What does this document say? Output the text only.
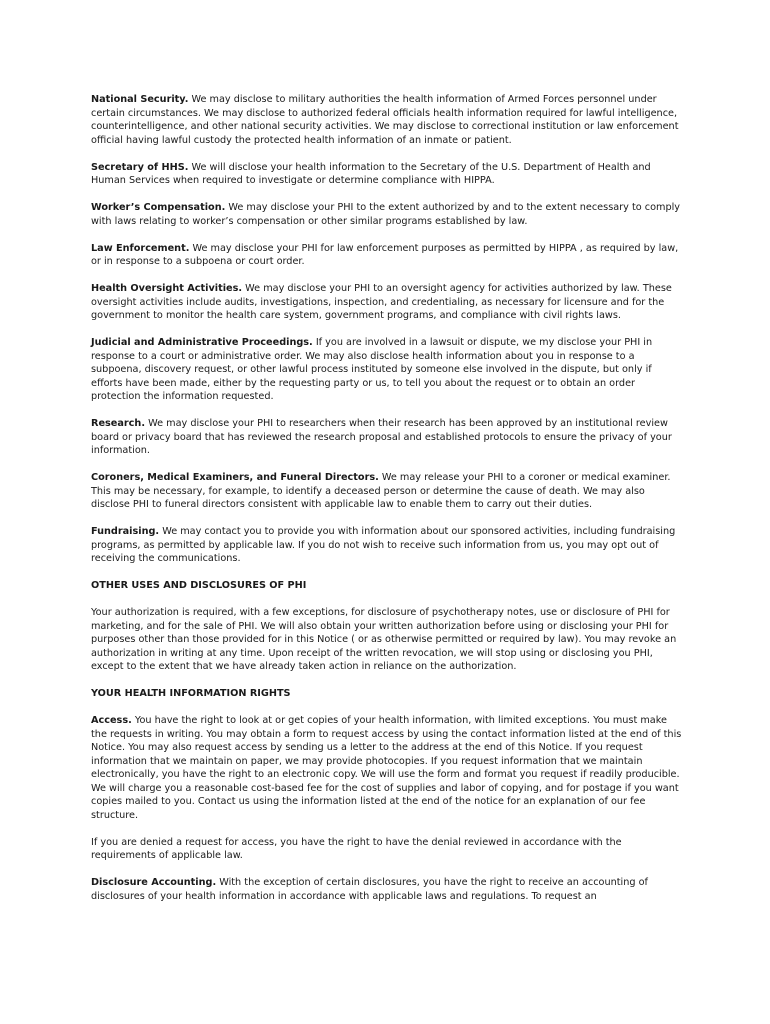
National Security. We may disclose to military authorities the health information of Armed Forces personnel under certain circumstances. We may disclose to authorized federal officials health information required for lawful intelligence, counterintelligence, and other national security activities. We may disclose to correctional institution or law enforcement official having lawful custody the protected health information of an inmate or patient.

Secretary of HHS. We will disclose your health information to the Secretary of the U.S. Department of Health and Human Services when required to investigate or determine compliance with HIPPA.

Worker’s Compensation. We may disclose your PHI to the extent authorized by and to the extent necessary to comply with laws relating to worker’s compensation or other similar programs established by law.

Law Enforcement. We may disclose your PHI for law enforcement purposes as permitted by HIPPA , as required by law, or in response to a subpoena or court order.

Health Oversight Activities. We may disclose your PHI to an oversight agency for activities authorized by law. These oversight activities include audits, investigations, inspection, and credentialing, as necessary for licensure and for the government to monitor the health care system, government programs, and compliance with civil rights laws.

Judicial and Administrative Proceedings. If you are involved in a lawsuit or dispute, we my disclose your PHI in response to a court or administrative order. We may also disclose health information about you in response to a subpoena, discovery request, or other lawful process instituted by someone else involved in the dispute, but only if efforts have been made, either by the requesting party or us, to tell you about the request or to obtain an order protection the information requested.

Research. We may disclose your PHI to researchers when their research has been approved by an institutional review board or privacy board that has reviewed the research proposal and established protocols to ensure the privacy of your information.

Coroners, Medical Examiners, and Funeral Directors. We may release your PHI to a coroner or medical examiner. This may be necessary, for example, to identify a deceased person or determine the cause of death. We may also disclose PHI to funeral directors consistent with applicable law to enable them to carry out their duties.

Fundraising. We may contact you to provide you with information about our sponsored activities, including fundraising programs, as permitted by applicable law. If you do not wish to receive such information from us, you may opt out of receiving the communications.

OTHER USES AND DISCLOSURES OF PHI

Your authorization is required, with a few exceptions, for disclosure of psychotherapy notes, use or disclosure of PHI for marketing, and for the sale of PHI. We will also obtain your written authorization before using or disclosing your PHI for purposes other than those provided for in this Notice ( or as otherwise permitted or required by law). You may revoke an authorization in writing at any time. Upon receipt of the written revocation, we will stop using or disclosing you PHI, except to the extent that we have already taken action in reliance on the authorization.

YOUR HEALTH INFORMATION RIGHTS

Access. You have the right to look at or get copies of your health information, with limited exceptions. You must make the requests in writing. You may obtain a form to request access by using the contact information listed at the end of this Notice. You may also request access by sending us a letter to the address at the end of this Notice. If you request information that we maintain on paper, we may provide photocopies. If you request information that we maintain electronically, you have the right to an electronic copy. We will use the form and format you request if readily producible. We will charge you a reasonable cost-based fee for the cost of supplies and labor of copying, and for postage if you want copies mailed to you. Contact us using the information listed at the end of the notice for an explanation of our fee structure.

If you are denied a request for access, you have the right to have the denial reviewed in accordance with the requirements of applicable law.

Disclosure Accounting. With the exception of certain disclosures, you have the right to receive an accounting of disclosures of your health information in accordance with applicable laws and regulations. To request an
